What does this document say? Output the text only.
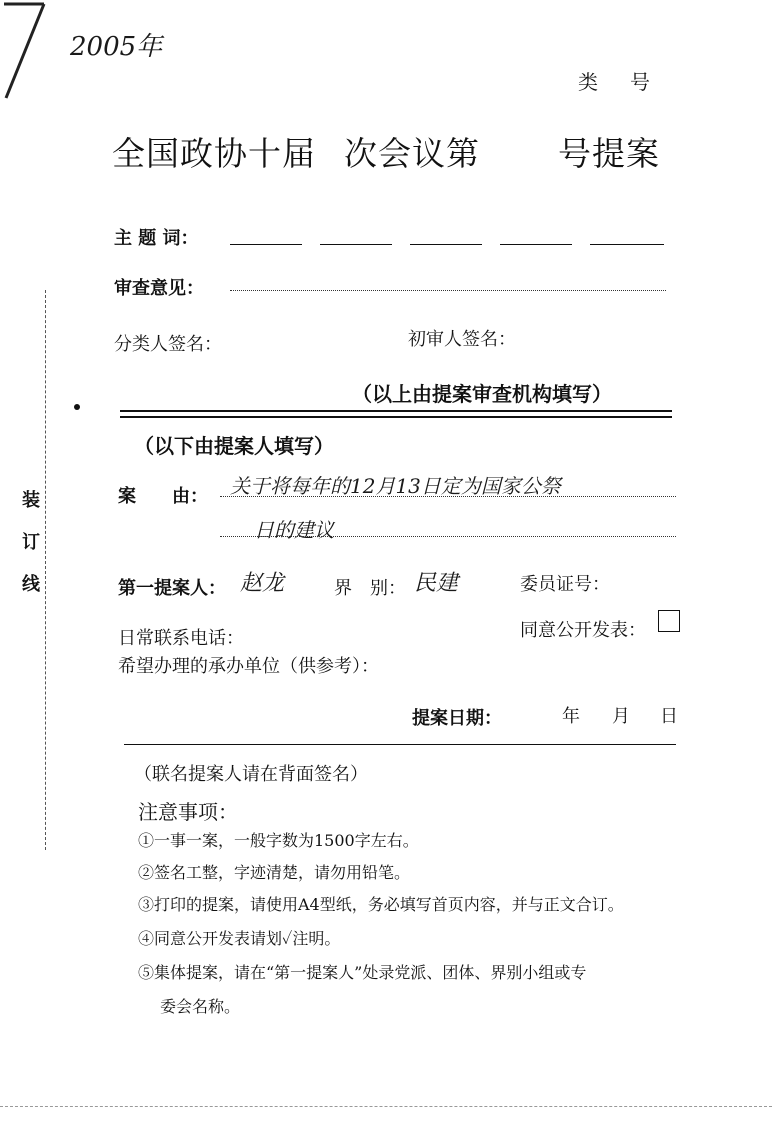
2005年
类　号
全国政协十届 次会议第 号提案
主 题 词：
审查意见：
分类人签名：	初审人签名：
（以上由提案审查机构填写）
（以下由提案人填写）
装
订
线
案　　由： 关于将每年的12月13日定为国家公祭
日的建议
第一提案人： 赵龙	界　别： 民建	委员证号：
日常联系电话：	同意公开发表：
希望办理的承办单位（供参考）：
提案日期：	年 月 日
（联名提案人请在背面签名）
注意事项：
①一事一案，一般字数为1500字左右。
②签名工整，字迹清楚，请勿用铅笔。
③打印的提案，请使用A4型纸，务必填写首页内容，并与正文合订。
④同意公开发表请划✓注明。
⑤集体提案，请在“第一提案人”处录党派、团体、界别小组或专
委会名称。
